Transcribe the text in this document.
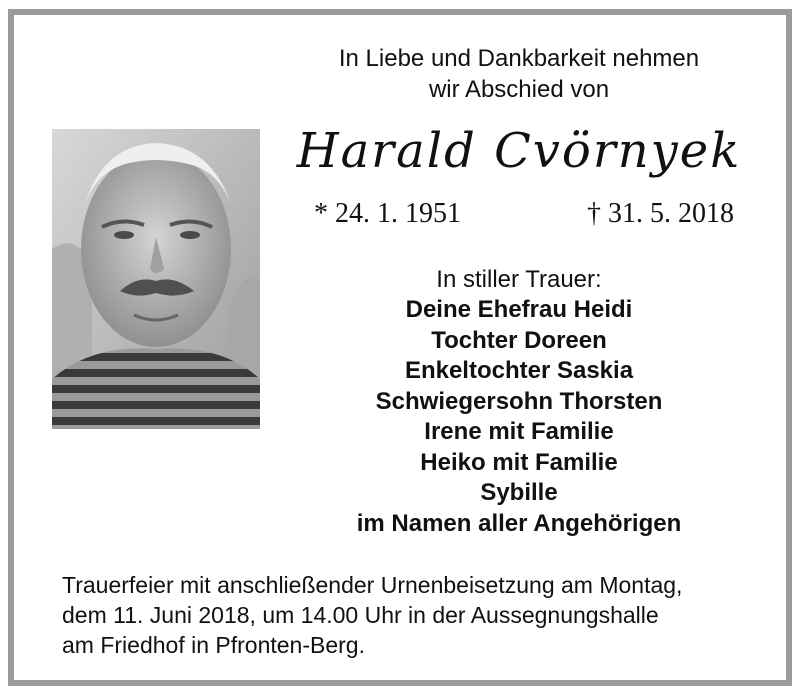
In Liebe und Dankbarkeit nehmen
wir Abschied von
Harald Cvörnyek
* 24. 1. 1951	† 31. 5. 2018
In stiller Trauer:
Deine Ehefrau Heidi
Tochter Doreen
Enkeltochter Saskia
Schwiegersohn Thorsten
Irene mit Familie
Heiko mit Familie
Sybille
im Namen aller Angehörigen
Trauerfeier mit anschließender Urnenbeisetzung am Montag,
dem 11. Juni 2018, um 14.00 Uhr in der Aussegnungshalle
am Friedhof in Pfronten-Berg.
